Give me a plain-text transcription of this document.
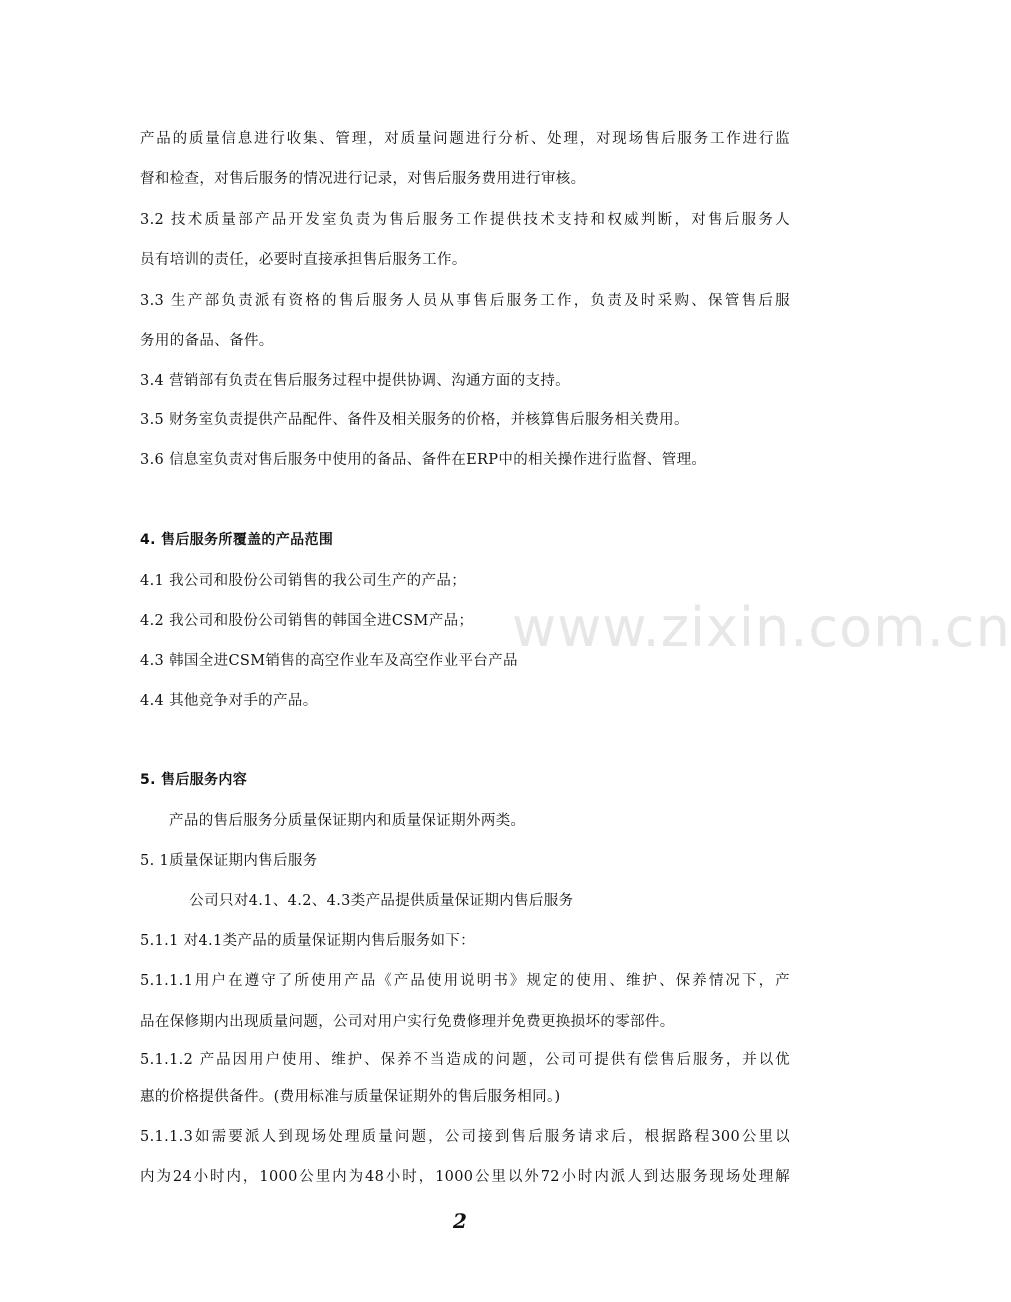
产品的质量信息进行收集、管理，对质量问题进行分析、处理，对现场售后服务工作进行监
督和检查，对售后服务的情况进行记录，对售后服务费用进行审核。
3.2 技术质量部产品开发室负责为售后服务工作提供技术支持和权威判断，对售后服务人
员有培训的责任，必要时直接承担售后服务工作。
3.3 生产部负责派有资格的售后服务人员从事售后服务工作，负责及时采购、保管售后服
务用的备品、备件。
3.4 营销部有负责在售后服务过程中提供协调、沟通方面的支持。
3.5 财务室负责提供产品配件、备件及相关服务的价格，并核算售后服务相关费用。
3.6 信息室负责对售后服务中使用的备品、备件在ERP中的相关操作进行监督、管理。
4. 售后服务所覆盖的产品范围
4.1 我公司和股份公司销售的我公司生产的产品；
4.2 我公司和股份公司销售的韩国全进CSM产品；
4.3 韩国全进CSM销售的高空作业车及高空作业平台产品
4.4 其他竞争对手的产品。
5. 售后服务内容
产品的售后服务分质量保证期内和质量保证期外两类。
5. 1质量保证期内售后服务
公司只对4.1、4.2、4.3类产品提供质量保证期内售后服务
5.1.1 对4.1类产品的质量保证期内售后服务如下：
5.1.1.1用户在遵守了所使用产品《产品使用说明书》规定的使用、维护、保养情况下，产
品在保修期内出现质量问题，公司对用户实行免费修理并免费更换损坏的零部件。
5.1.1.2 产品因用户使用、维护、保养不当造成的问题，公司可提供有偿售后服务，并以优
惠的价格提供备件。(费用标准与质量保证期外的售后服务相同。)
5.1.1.3如需要派人到现场处理质量问题，公司接到售后服务请求后，根据路程300公里以
内为24小时内，1000公里内为48小时，1000公里以外72小时内派人到达服务现场处理解
www.zixin.com.cn
2
